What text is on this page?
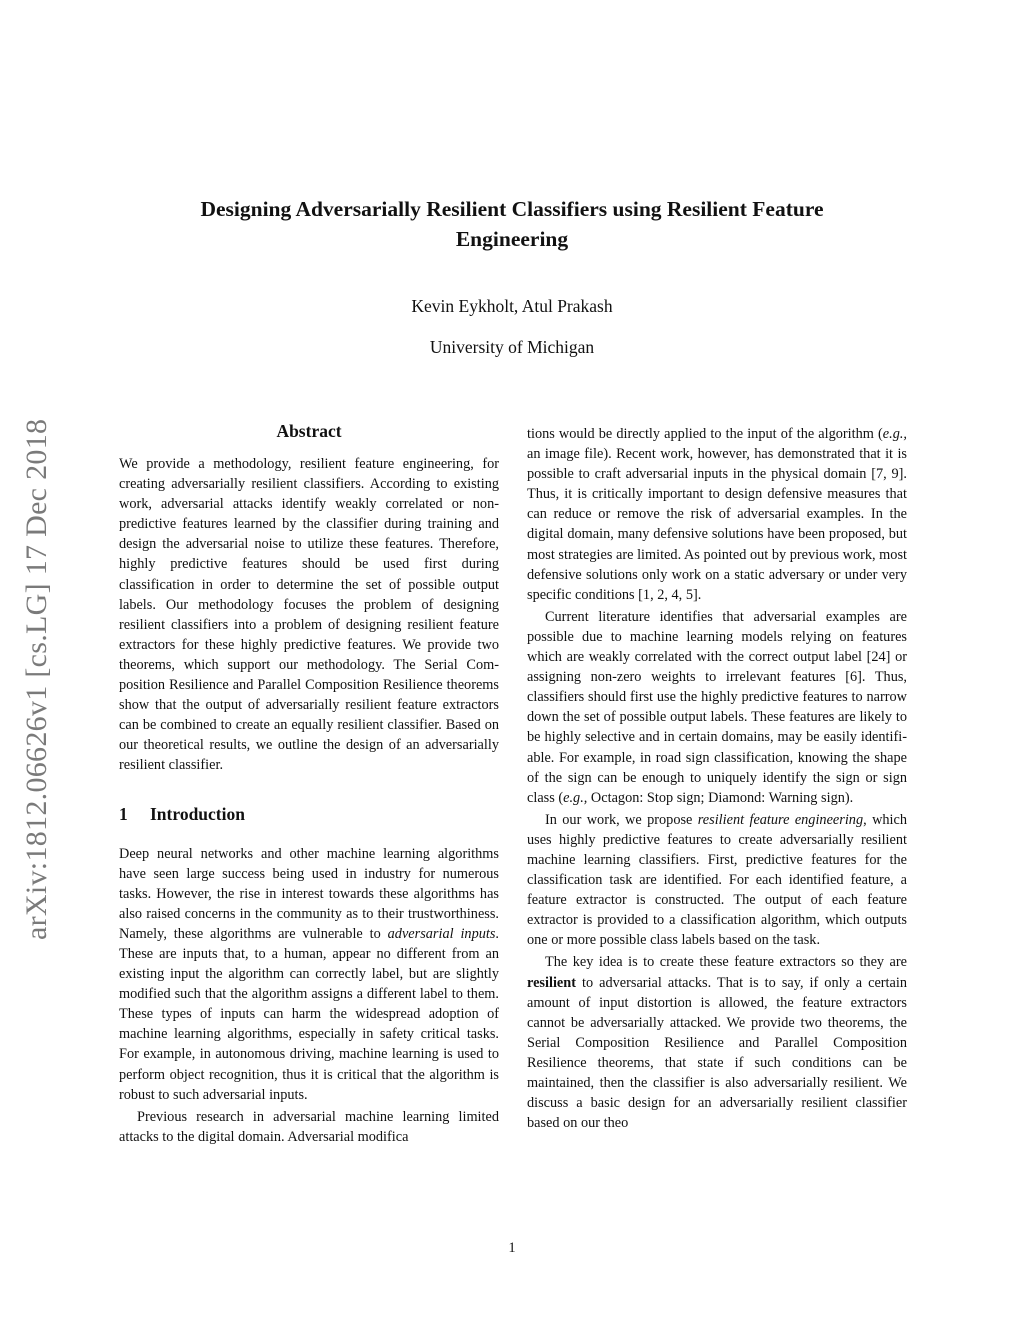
Designing Adversarially Resilient Classifiers using Resilient Feature Engineering
Kevin Eykholt, Atul Prakash
University of Michigan
arXiv:1812.06626v1 [cs.LG] 17 Dec 2018	Abstract

We provide a methodology, resilient feature engineering, for creating adversarially resilient classifiers. According to existing work, adversarial attacks identify weakly correlated or non-predictive features learned by the classifier during training and design the adversarial noise to utilize these features. Therefore, highly predictive features should be used first during classification in order to determine the set of possible output labels. Our methodology focuses the problem of designing resilient classifiers into a problem of designing resilient feature extractors for these highly predictive features. We provide two theorems, which support our methodology. The Serial Composition Resilience and Parallel Composition Resilience theorems show that the output of adversarially resilient feature extractors can be combined to create an equally resilient classifier. Based on our theoretical results, we outline the design of an adversarially resilient classifier.

1 Introduction

Deep neural networks and other machine learning algorithms have seen large success being used in industry for numerous tasks. However, the rise in interest towards these algorithms has also raised concerns in the community as to their trustworthiness. Namely, these algorithms are vulnerable to adversarial inputs. These are inputs that, to a human, appear no different from an existing input the algorithm can correctly label, but are slightly modified such that the algorithm assigns a different label to them. These types of inputs can harm the widespread adoption of machine learning algorithms, especially in safety critical tasks. For example, in autonomous driving, machine learning is used to perform object recognition, thus it is critical that the algorithm is robust to such adversarial inputs.

Previous research in adversarial machine learning limited attacks to the digital domain. Adversarial modifica

tions would be directly applied to the input of the algorithm (e.g., an image file). Recent work, however, has demonstrated that it is possible to craft adversarial inputs in the physical domain [7, 9]. Thus, it is critically important to design defensive measures that can reduce or remove the risk of adversarial examples. In the digital domain, many defensive solutions have been proposed, but most strategies are limited. As pointed out by previous work, most defensive solutions only work on a static adversary or under very specific conditions [1, 2, 4, 5].

Current literature identifies that adversarial examples are possible due to machine learning models relying on features which are weakly correlated with the correct output label [24] or assigning non-zero weights to irrelevant features [6]. Thus, classifiers should first use the highly predictive features to narrow down the set of possible output labels. These features are likely to be highly selective and in certain domains, may be easily identifiable. For example, in road sign classification, knowing the shape of the sign can be enough to uniquely identify the sign or sign class (e.g., Octagon: Stop sign; Diamond: Warning sign).

In our work, we propose resilient feature engineering, which uses highly predictive features to create adversarially resilient machine learning classifiers. First, predictive features for the classification task are identified. For each identified feature, a feature extractor is constructed. The output of each feature extractor is provided to a classification algorithm, which outputs one or more possible class labels based on the task.

The key idea is to create these feature extractors so they are resilient to adversarial attacks. That is to say, if only a certain amount of input distortion is allowed, the feature extractors cannot be adversarially attacked. We provide two theorems, the Serial Composition Resilience and Parallel Composition Resilience theorems, that state if such conditions can be maintained, then the classifier is also adversarially resilient. We discuss a basic design for an adversarially resilient classifier based on our theo

1
